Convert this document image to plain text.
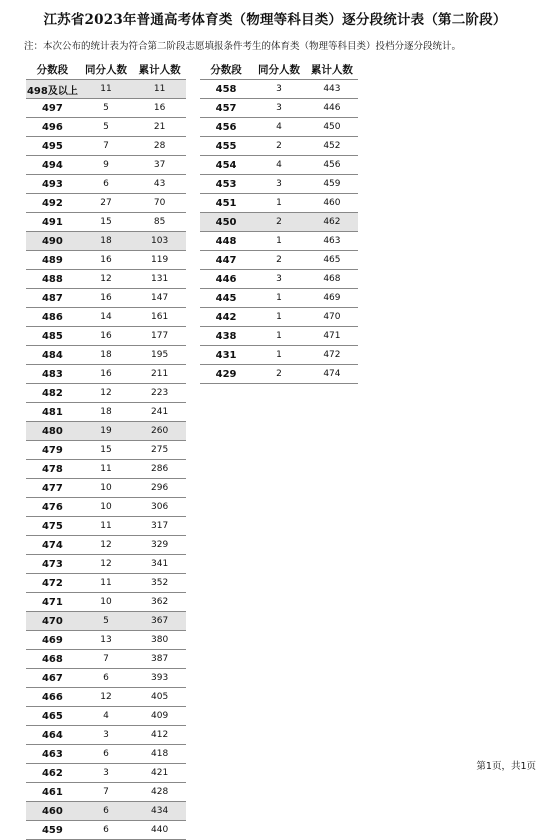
江苏省2023年普通高考体育类（物理等科目类）逐分段统计表（第二阶段）
注：本次公布的统计表为符合第二阶段志愿填报条件考生的体育类（物理等科目类）投档分逐分段统计。
分数段	同分人数	累计人数
498及以上	11	11
497	5	16
496	5	21
495	7	28
494	9	37
493	6	43
492	27	70
491	15	85
490	18	103
489	16	119
488	12	131
487	16	147
486	14	161
485	16	177
484	18	195
483	16	211
482	12	223
481	18	241
480	19	260
479	15	275
478	11	286
477	10	296
476	10	306
475	11	317
474	12	329
473	12	341
472	11	352
471	10	362
470	5	367
469	13	380
468	7	387
467	6	393
466	12	405
465	4	409
464	3	412
463	6	418
462	3	421
461	7	428
460	6	434
459	6	440
分数段	同分人数	累计人数
458	3	443
457	3	446
456	4	450
455	2	452
454	4	456
453	3	459
451	1	460
450	2	462
448	1	463
447	2	465
446	3	468
445	1	469
442	1	470
438	1	471
431	1	472
429	2	474
第1页，共1页
